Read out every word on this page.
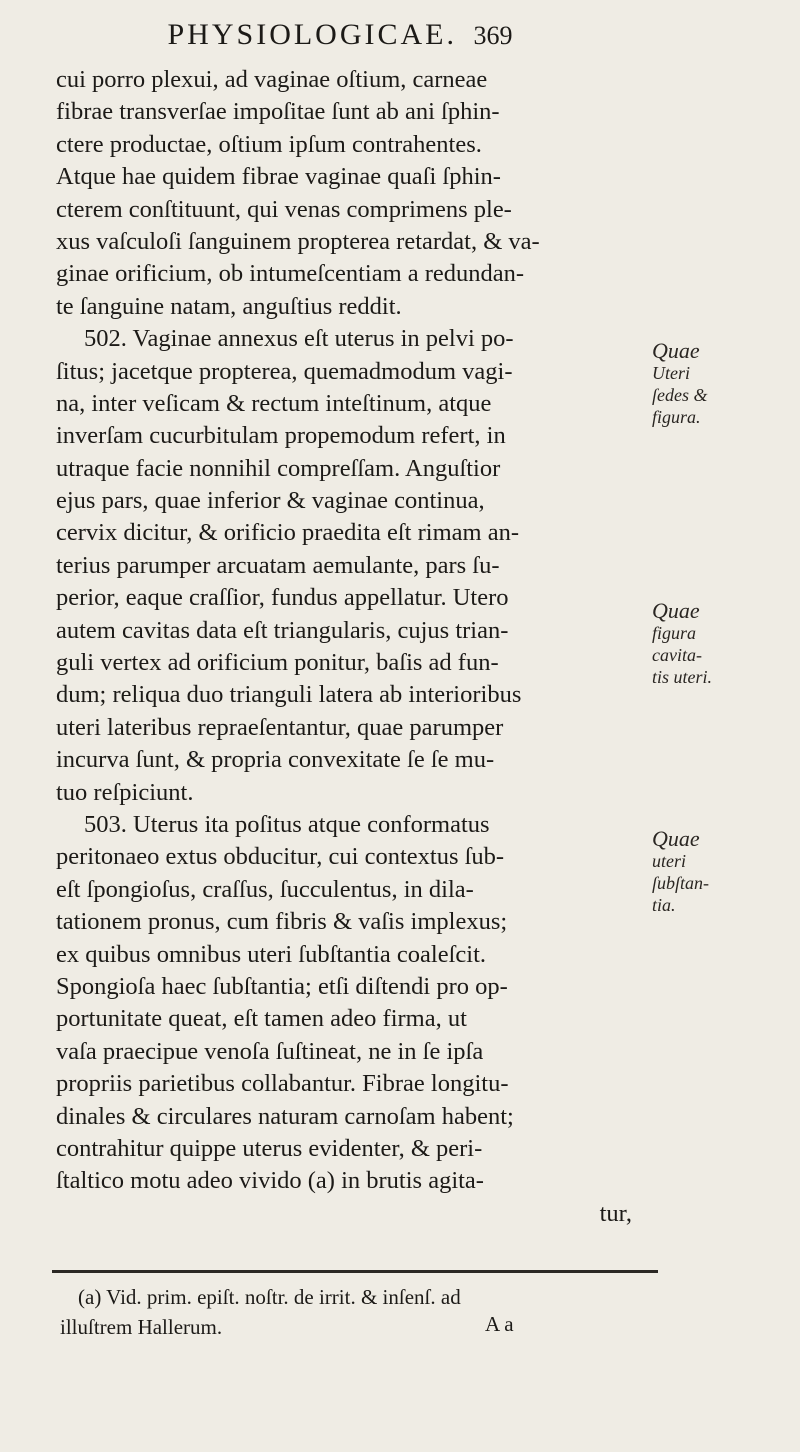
PHYSIOLOGICAE. 369
cui porro plexui, ad vaginae oſtium, carneae
fibrae transverſae impoſitae ſunt ab ani ſphin-
ctere productae, oſtium ipſum contrahentes.
Atque hae quidem fibrae vaginae quaſi ſphin-
cterem conſtituunt, qui venas comprimens ple-
xus vaſculoſi ſanguinem propterea retardat, & va-
ginae orificium, ob intumeſcentiam a redundan-
te ſanguine natam, anguſtius reddit.
502. Vaginae annexus eſt uterus in pelvi po-
ſitus; jacetque propterea, quemadmodum vagi-
na, inter veſicam & rectum inteſtinum, atque
inverſam cucurbitulam propemodum refert, in
utraque facie nonnihil compreſſam. Anguſtior
ejus pars, quae inferior & vaginae continua,
cervix dicitur, & orificio praedita eſt rimam an-
terius parumper arcuatam aemulante, pars ſu-
perior, eaque craſſior, fundus appellatur. Utero
autem cavitas data eſt triangularis, cujus trian-
guli vertex ad orificium ponitur, baſis ad fun-
dum; reliqua duo trianguli latera ab interioribus
uteri lateribus repraeſentantur, quae parumper
incurva ſunt, & propria convexitate ſe ſe mu-
tuo reſpiciunt.
503. Uterus ita poſitus atque conformatus
peritonaeo extus obducitur, cui contextus ſub-
eſt ſpongioſus, craſſus, ſucculentus, in dila-
tationem pronus, cum fibris & vaſis implexus;
ex quibus omnibus uteri ſubſtantia coaleſcit.
Spongioſa haec ſubſtantia; etſi diſtendi pro op-
portunitate queat, eſt tamen adeo firma, ut
vaſa praecipue venoſa ſuſtineat, ne in ſe ipſa
propriis parietibus collabantur. Fibrae longitu-
dinales & circulares naturam carnoſam habent;
contrahitur quippe uterus evidenter, & peri-
ſtaltico motu adeo vivido (a) in brutis agita-
tur,
Quae
Uteri
ſedes &
figura.
Quae
figura
cavita-
tis uteri.
Quae
uteri
ſubſtan-
tia.
(a) Vid. prim. epiſt. noſtr. de irrit. & inſenſ. ad
illuſtrem Hallerum.	A a
